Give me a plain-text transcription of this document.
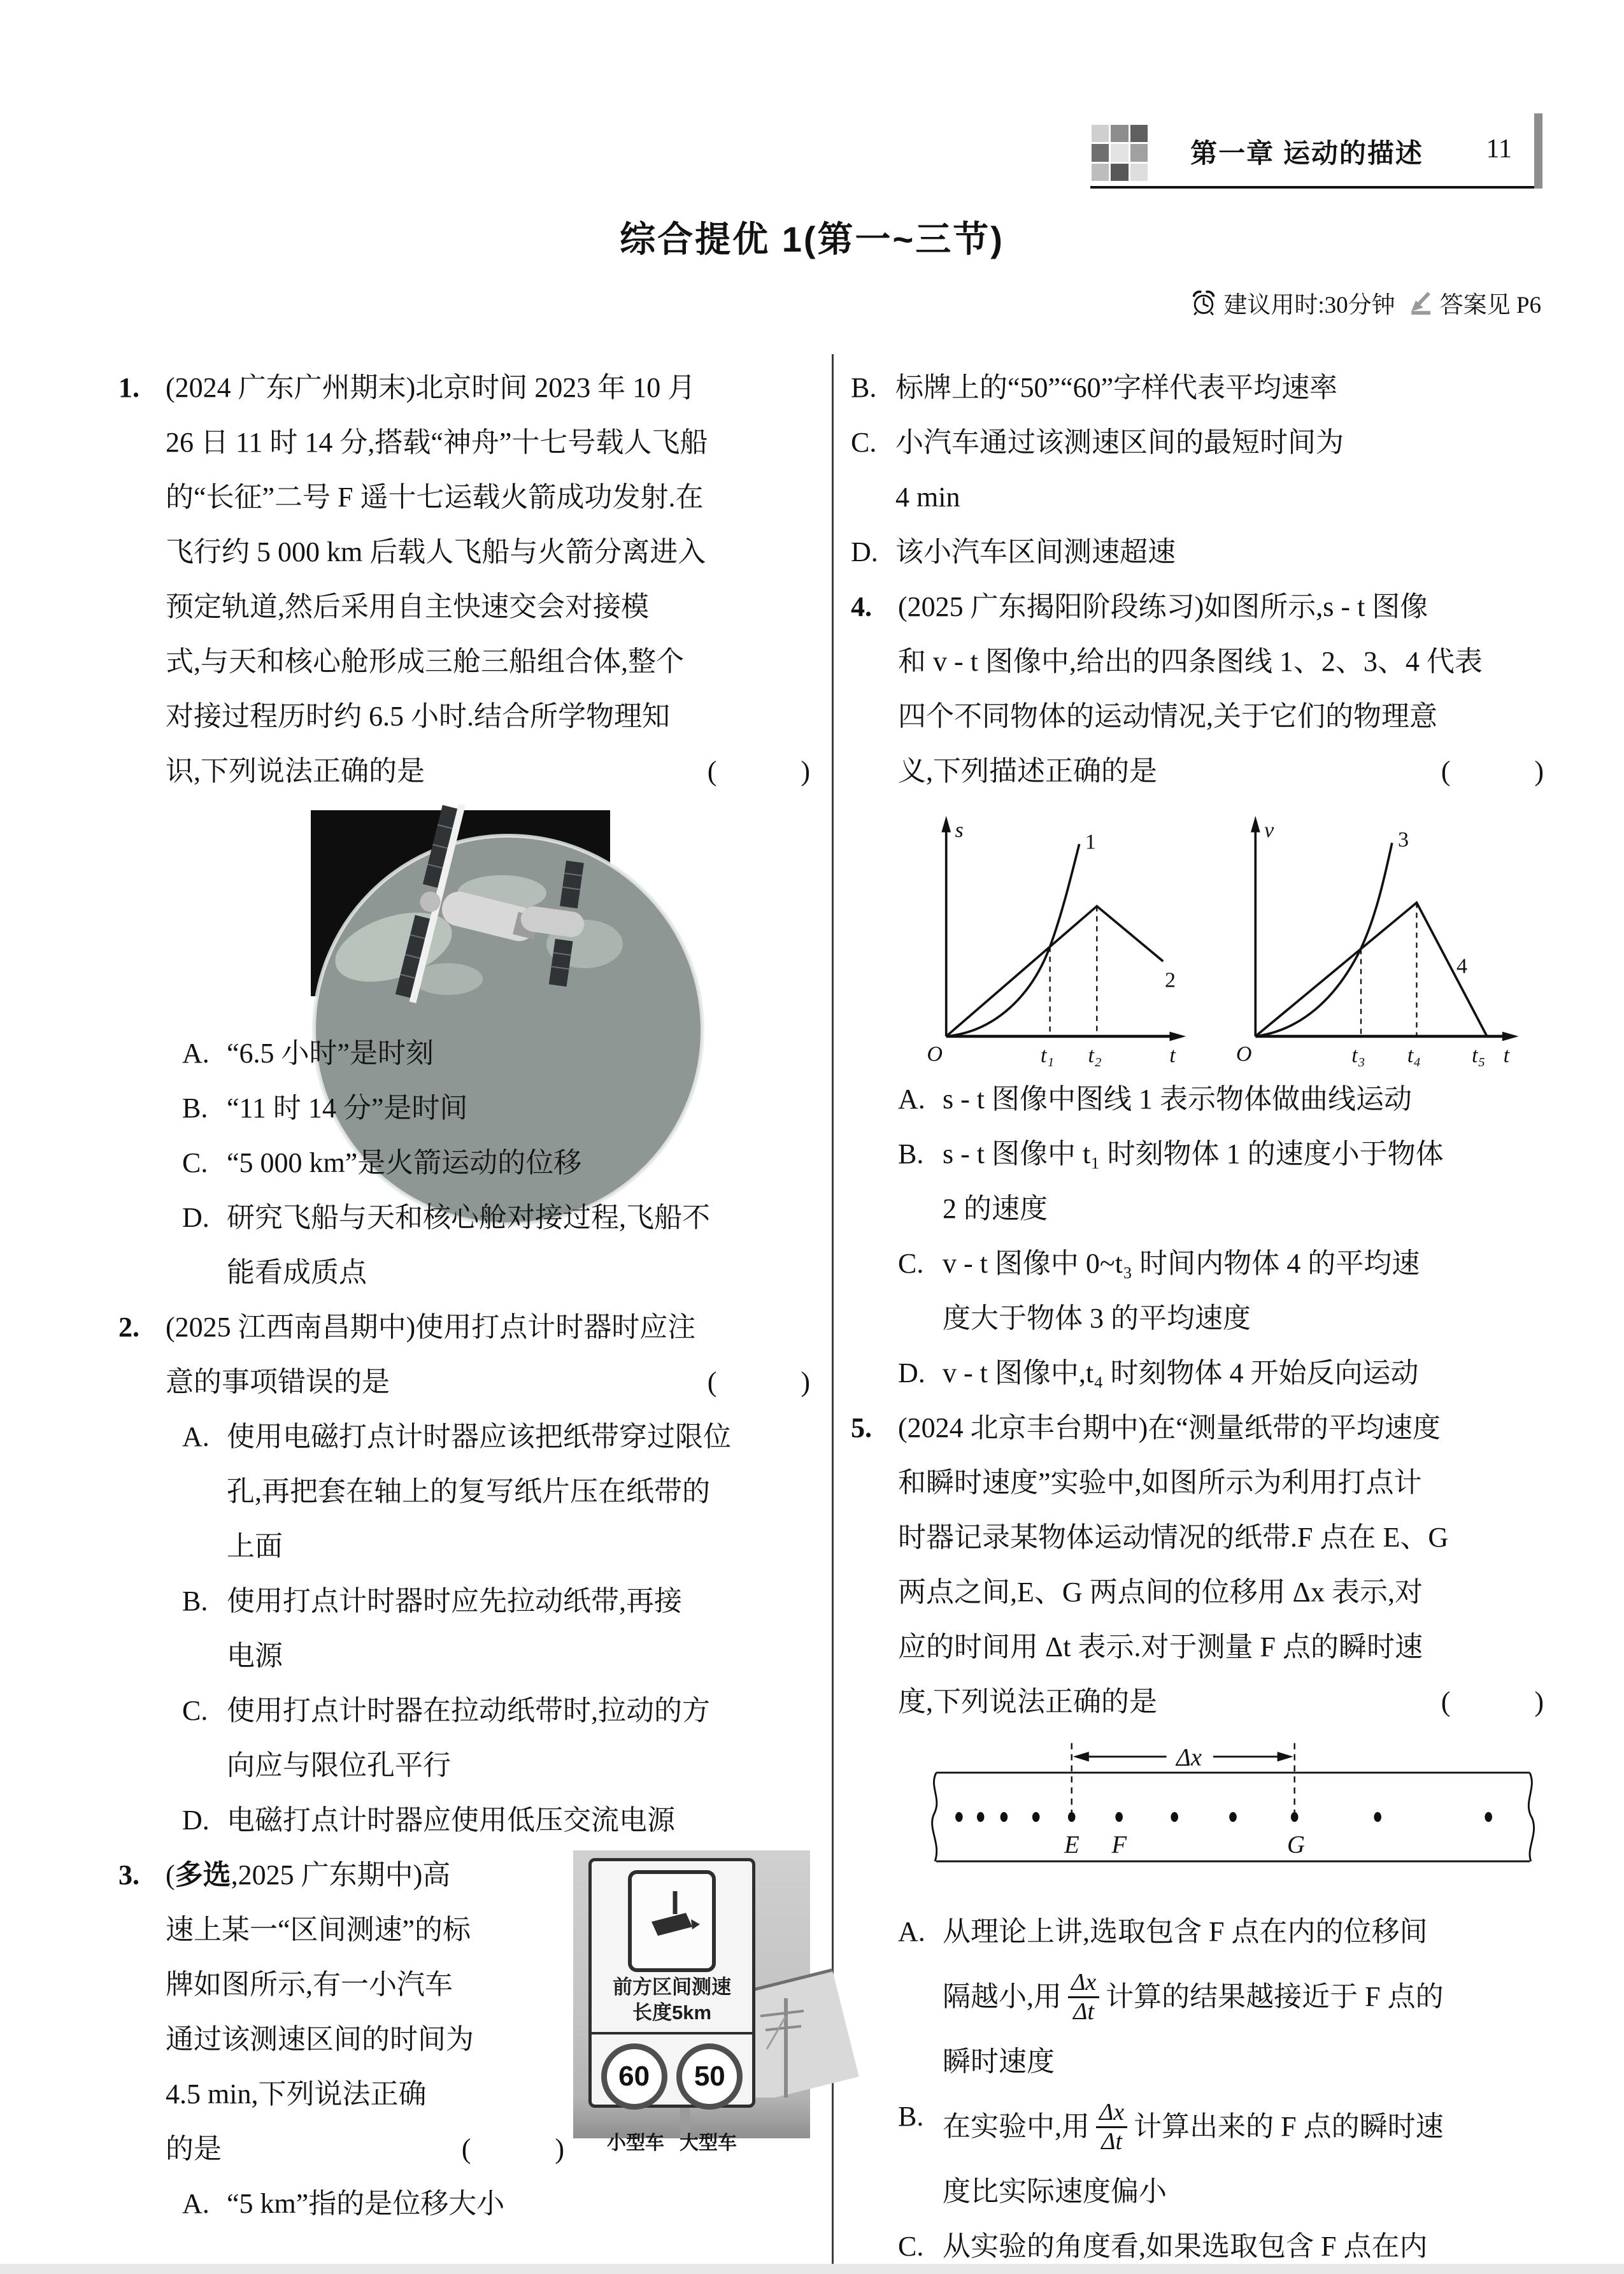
第一章 运动的描述	11
综合提优 1(第一~三节)
建议用时:30分钟 答案见 P6
1. (2024 广东广州期末)北京时间 2023 年 10 月
26 日 11 时 14 分,搭载“神舟”十七号载人飞船
的“长征”二号 F 遥十七运载火箭成功发射.在
飞行约 5 000 km 后载人飞船与火箭分离进入
预定轨道,然后采用自主快速交会对接模
式,与天和核心舱形成三舱三船组合体,整个
对接过程历时约 6.5 小时.结合所学物理知
识,下列说法正确的是	(            )
A. “6.5 小时”是时刻
B. “11 时 14 分”是时间
C. “5 000 km”是火箭运动的位移
D. 研究飞船与天和核心舱对接过程,飞船不
能看成质点
2. (2025 江西南昌期中)使用打点计时器时应注
意的事项错误的是	(            )
A. 使用电磁打点计时器应该把纸带穿过限位
孔,再把套在轴上的复写纸片压在纸带的
上面
B. 使用打点计时器时应先拉动纸带,再接
电源
C. 使用打点计时器在拉动纸带时,拉动的方
向应与限位孔平行
D. 电磁打点计时器应使用低压交流电源
3.
前方区间测速
长度5km
60	50
小型车 大型车
(多选,2025 广东期中)高
速上某一“区间测速”的标
牌如图所示,有一小汽车
通过该测速区间的时间为
4.5 min,下列说法正确
的是	(            )
A. “5 km”指的是位移大小
B. 标牌上的“50”“60”字样代表平均速率
C. 小汽车通过该测速区间的最短时间为
4 min
D. 该小汽车区间测速超速
4. (2025 广东揭阳阶段练习)如图所示,s - t 图像
和 v - t 图像中,给出的四条图线 1、2、3、4 代表
四个不同物体的运动情况,关于它们的物理意
义,下列描述正确的是	(            )
s
t
O	t₁ t₂
1
2
v
t
O	t₃ t₄ t₅
3
4
A. s - t 图像中图线 1 表示物体做曲线运动
B. s - t 图像中 t₁ 时刻物体 1 的速度小于物体
2 的速度
C. v - t 图像中 0~t₃ 时间内物体 4 的平均速
度大于物体 3 的平均速度
D. v - t 图像中,t₄ 时刻物体 4 开始反向运动
5. (2024 北京丰台期中)在“测量纸带的平均速度
和瞬时速度”实验中,如图所示为利用打点计
时器记录某物体运动情况的纸带.F 点在 E、G
两点之间,E、G 两点间的位移用 Δx 表示,对
应的时间用 Δt 表示.对于测量 F 点的瞬时速
度,下列说法正确的是	(            )
Δx
E F	G
A. 从理论上讲,选取包含 F 点在内的位移间
隔越小,用 $\frac{\Delta x}{\Delta t}$ 计算的结果越接近于 F 点的
瞬时速度
B. 在实验中,用 $\frac{\Delta x}{\Delta t}$ 计算出来的 F 点的瞬时速
度比实际速度偏小
C. 从实验的角度看,如果选取包含 F 点在内
